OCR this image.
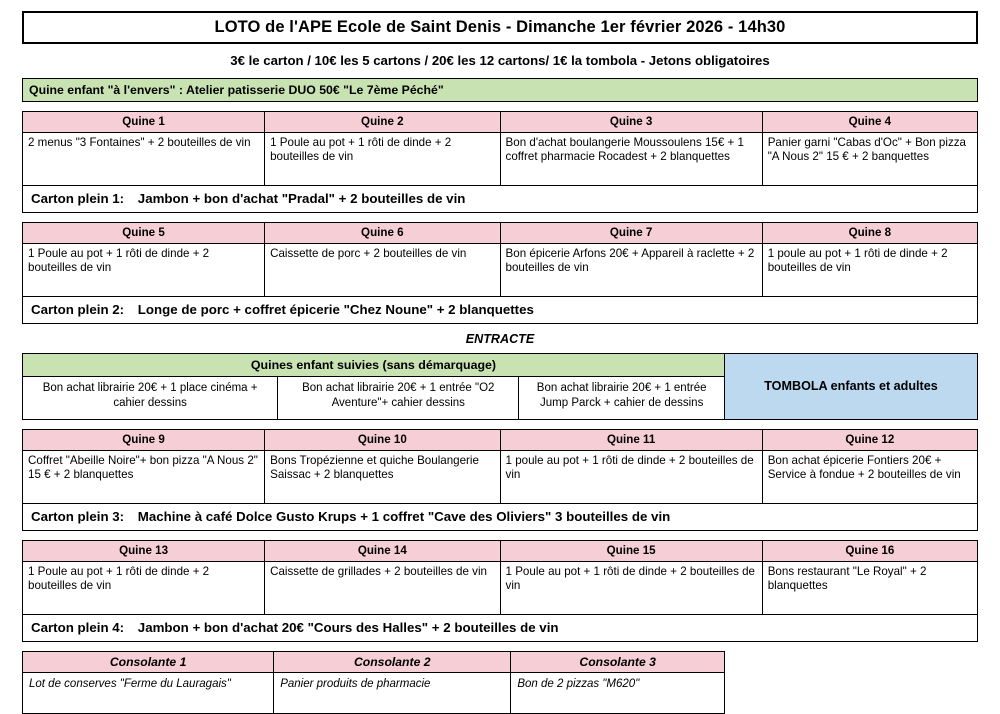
LOTO de l'APE Ecole de Saint Denis - Dimanche 1er février 2026 - 14h30
3€ le carton / 10€ les 5 cartons / 20€ les 12 cartons/ 1€ la tombola - Jetons obligatoires
Quine enfant "à l'envers" : Atelier patisserie DUO 50€ "Le 7ème Péché"
Quine 1	Quine 2	Quine 3	Quine 4
2 menus "3 Fontaines" + 2 bouteilles de vin	1 Poule au pot + 1 rôti de dinde + 2 bouteilles de vin	Bon d'achat boulangerie Moussoulens 15€ + 1 coffret pharmacie Rocadest + 2 blanquettes	Panier garni "Cabas d'Oc" + Bon pizza "A Nous 2" 15 € + 2 banquettes
Carton plein 1: Jambon + bon d'achat "Pradal" + 2 bouteilles de vin
Quine 5	Quine 6	Quine 7	Quine 8
1 Poule au pot + 1 rôti de dinde + 2 bouteilles de vin	Caissette de porc + 2 bouteilles de vin	Bon épicerie Arfons 20€ + Appareil à raclette + 2 bouteilles de vin	1 poule au pot + 1 rôti de dinde + 2 bouteilles de vin
Carton plein 2: Longe de porc + coffret épicerie "Chez Noune" + 2 blanquettes
ENTRACTE
Quines enfant suivies (sans démarquage)
Bon achat librairie 20€ + 1 place cinéma + cahier dessins	Bon achat librairie 20€ + 1 entrée "O2 Aventure"+ cahier dessins	Bon achat librairie 20€ + 1 entrée Jump Parck + cahier de dessins
TOMBOLA enfants et adultes
Quine 9	Quine 10	Quine 11	Quine 12
Coffret "Abeille Noire"+ bon pizza "A Nous 2" 15 € + 2 blanquettes	Bons Tropézienne et quiche Boulangerie Saissac + 2 blanquettes	1 poule au pot + 1 rôti de dinde + 2 bouteilles de vin	Bon achat épicerie Fontiers 20€ + Service à fondue + 2 bouteilles de vin
Carton plein 3: Machine à café Dolce Gusto Krups + 1 coffret "Cave des Oliviers" 3 bouteilles de vin
Quine 13	Quine 14	Quine 15	Quine 16
1 Poule au pot + 1 rôti de dinde + 2 bouteilles de vin	Caissette de grillades + 2 bouteilles de vin	1 Poule au pot + 1 rôti de dinde + 2 bouteilles de vin	Bons restaurant "Le Royal" + 2 blanquettes
Carton plein 4: Jambon + bon d'achat 20€ "Cours des Halles" + 2 bouteilles de vin
Consolante 1	Consolante 2	Consolante 3
Lot de conserves "Ferme du Lauragais"	Panier produits de pharmacie	Bon de 2 pizzas "M620"
